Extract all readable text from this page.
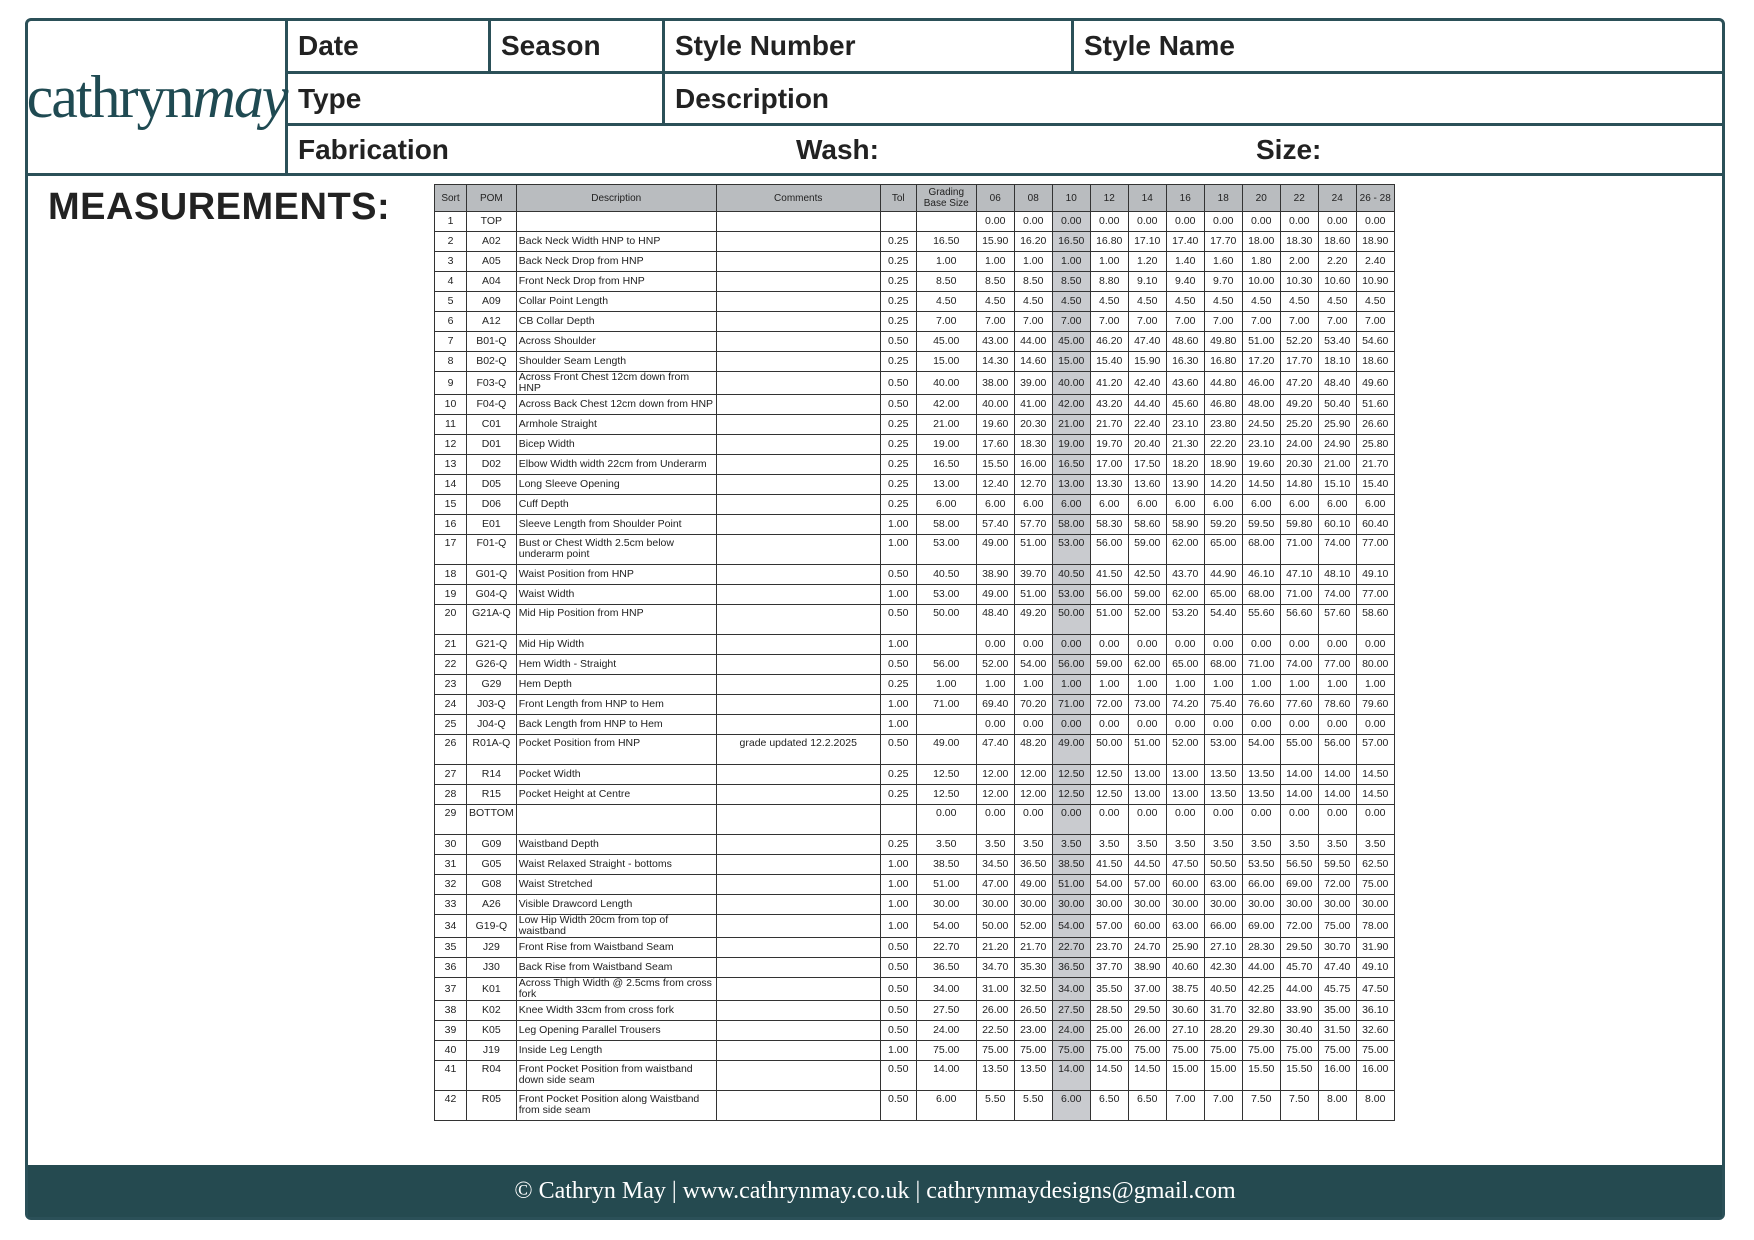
cathrynmay
Date	Season	Style Number	Style Name
Type	Description
Fabrication	Wash:	Size:
MEASUREMENTS:	Sort	POM	Description	Comments	Tol	Grading Base Size	06	08	10	12	14	16	18	20	22	24	26 - 28
1	TOP					0.00	0.00	0.00	0.00	0.00	0.00	0.00	0.00	0.00	0.00	0.00
2	A02	Back Neck Width HNP to HNP		0.25	16.50	15.90	16.20	16.50	16.80	17.10	17.40	17.70	18.00	18.30	18.60	18.90
3	A05	Back Neck Drop from HNP		0.25	1.00	1.00	1.00	1.00	1.00	1.20	1.40	1.60	1.80	2.00	2.20	2.40
4	A04	Front Neck Drop from HNP		0.25	8.50	8.50	8.50	8.50	8.80	9.10	9.40	9.70	10.00	10.30	10.60	10.90
5	A09	Collar Point Length		0.25	4.50	4.50	4.50	4.50	4.50	4.50	4.50	4.50	4.50	4.50	4.50	4.50
6	A12	CB Collar Depth		0.25	7.00	7.00	7.00	7.00	7.00	7.00	7.00	7.00	7.00	7.00	7.00	7.00
7	B01-Q	Across Shoulder		0.50	45.00	43.00	44.00	45.00	46.20	47.40	48.60	49.80	51.00	52.20	53.40	54.60
8	B02-Q	Shoulder Seam Length		0.25	15.00	14.30	14.60	15.00	15.40	15.90	16.30	16.80	17.20	17.70	18.10	18.60
9	F03-Q	Across Front Chest 12cm down from HNP		0.50	40.00	38.00	39.00	40.00	41.20	42.40	43.60	44.80	46.00	47.20	48.40	49.60
10	F04-Q	Across Back Chest 12cm down from HNP		0.50	42.00	40.00	41.00	42.00	43.20	44.40	45.60	46.80	48.00	49.20	50.40	51.60
11	C01	Armhole Straight		0.25	21.00	19.60	20.30	21.00	21.70	22.40	23.10	23.80	24.50	25.20	25.90	26.60
12	D01	Bicep Width		0.25	19.00	17.60	18.30	19.00	19.70	20.40	21.30	22.20	23.10	24.00	24.90	25.80
13	D02	Elbow Width width 22cm from Underarm		0.25	16.50	15.50	16.00	16.50	17.00	17.50	18.20	18.90	19.60	20.30	21.00	21.70
14	D05	Long Sleeve Opening		0.25	13.00	12.40	12.70	13.00	13.30	13.60	13.90	14.20	14.50	14.80	15.10	15.40
15	D06	Cuff Depth		0.25	6.00	6.00	6.00	6.00	6.00	6.00	6.00	6.00	6.00	6.00	6.00	6.00
16	E01	Sleeve Length from Shoulder Point		1.00	58.00	57.40	57.70	58.00	58.30	58.60	58.90	59.20	59.50	59.80	60.10	60.40
17	F01-Q	Bust or Chest Width 2.5cm below underarm point		1.00	53.00	49.00	51.00	53.00	56.00	59.00	62.00	65.00	68.00	71.00	74.00	77.00
18	G01-Q	Waist Position from HNP		0.50	40.50	38.90	39.70	40.50	41.50	42.50	43.70	44.90	46.10	47.10	48.10	49.10
19	G04-Q	Waist Width		1.00	53.00	49.00	51.00	53.00	56.00	59.00	62.00	65.00	68.00	71.00	74.00	77.00
20	G21A-Q	Mid Hip Position from HNP		0.50	50.00	48.40	49.20	50.00	51.00	52.00	53.20	54.40	55.60	56.60	57.60	58.60
21	G21-Q	Mid Hip Width		1.00		0.00	0.00	0.00	0.00	0.00	0.00	0.00	0.00	0.00	0.00	0.00
22	G26-Q	Hem Width - Straight		0.50	56.00	52.00	54.00	56.00	59.00	62.00	65.00	68.00	71.00	74.00	77.00	80.00
23	G29	Hem Depth		0.25	1.00	1.00	1.00	1.00	1.00	1.00	1.00	1.00	1.00	1.00	1.00	1.00
24	J03-Q	Front Length from HNP to Hem		1.00	71.00	69.40	70.20	71.00	72.00	73.00	74.20	75.40	76.60	77.60	78.60	79.60
25	J04-Q	Back Length from HNP to Hem		1.00		0.00	0.00	0.00	0.00	0.00	0.00	0.00	0.00	0.00	0.00	0.00
26	R01A-Q	Pocket Position from HNP	grade updated 12.2.2025	0.50	49.00	47.40	48.20	49.00	50.00	51.00	52.00	53.00	54.00	55.00	56.00	57.00
27	R14	Pocket Width		0.25	12.50	12.00	12.00	12.50	12.50	13.00	13.00	13.50	13.50	14.00	14.00	14.50
28	R15	Pocket Height at Centre		0.25	12.50	12.00	12.00	12.50	12.50	13.00	13.00	13.50	13.50	14.00	14.00	14.50
29	BOTTOM				0.00	0.00	0.00	0.00	0.00	0.00	0.00	0.00	0.00	0.00	0.00	0.00
30	G09	Waistband Depth		0.25	3.50	3.50	3.50	3.50	3.50	3.50	3.50	3.50	3.50	3.50	3.50	3.50
31	G05	Waist Relaxed Straight - bottoms		1.00	38.50	34.50	36.50	38.50	41.50	44.50	47.50	50.50	53.50	56.50	59.50	62.50
32	G08	Waist Stretched		1.00	51.00	47.00	49.00	51.00	54.00	57.00	60.00	63.00	66.00	69.00	72.00	75.00
33	A26	Visible Drawcord Length		1.00	30.00	30.00	30.00	30.00	30.00	30.00	30.00	30.00	30.00	30.00	30.00	30.00
34	G19-Q	Low Hip Width 20cm from top of waistband		1.00	54.00	50.00	52.00	54.00	57.00	60.00	63.00	66.00	69.00	72.00	75.00	78.00
35	J29	Front Rise from Waistband Seam		0.50	22.70	21.20	21.70	22.70	23.70	24.70	25.90	27.10	28.30	29.50	30.70	31.90
36	J30	Back Rise from Waistband Seam		0.50	36.50	34.70	35.30	36.50	37.70	38.90	40.60	42.30	44.00	45.70	47.40	49.10
37	K01	Across Thigh Width @ 2.5cms from cross fork		0.50	34.00	31.00	32.50	34.00	35.50	37.00	38.75	40.50	42.25	44.00	45.75	47.50
38	K02	Knee Width 33cm from cross fork		0.50	27.50	26.00	26.50	27.50	28.50	29.50	30.60	31.70	32.80	33.90	35.00	36.10
39	K05	Leg Opening Parallel Trousers		0.50	24.00	22.50	23.00	24.00	25.00	26.00	27.10	28.20	29.30	30.40	31.50	32.60
40	J19	Inside Leg Length		1.00	75.00	75.00	75.00	75.00	75.00	75.00	75.00	75.00	75.00	75.00	75.00	75.00
41	R04	Front Pocket Position from waistband down side seam		0.50	14.00	13.50	13.50	14.00	14.50	14.50	15.00	15.00	15.50	15.50	16.00	16.00
42	R05	Front Pocket Position along Waistband from side seam		0.50	6.00	5.50	5.50	6.00	6.50	6.50	7.00	7.00	7.50	7.50	8.00	8.00
© Cathryn May | www.cathrynmay.co.uk | cathrynmaydesigns@gmail.com
